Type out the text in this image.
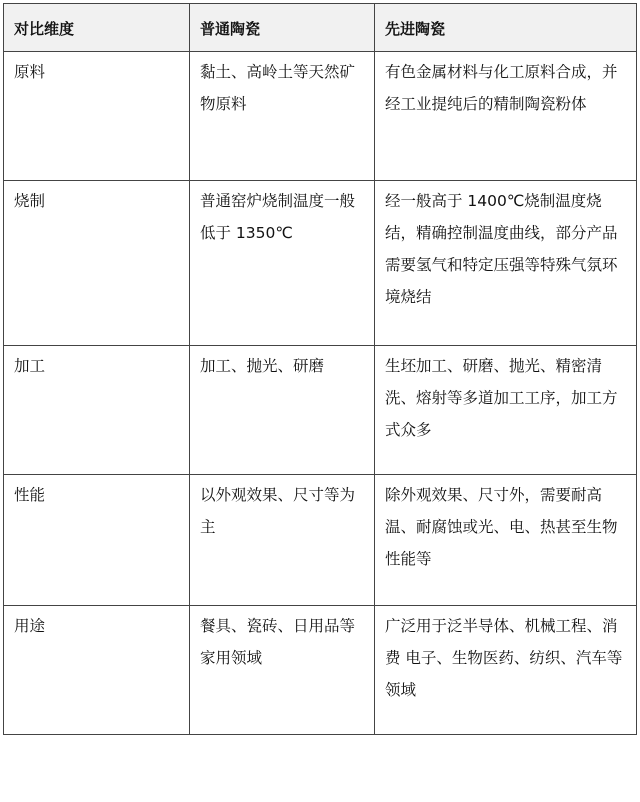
对比维度	普通陶瓷	先进陶瓷
原料	黏土、高岭土等天然矿物原料	有色金属材料与化工原料合成，并经工业提纯后的精制陶瓷粉体
烧制	普通窑炉烧制温度一般低于 1350℃	经一般高于 1400℃烧制温度烧结，精确控制温度曲线，部分产品需要氢气和特定压强等特殊气氛环境烧结
加工	加工、抛光、研磨	生坯加工、研磨、抛光、精密清洗、熔射等多道加工工序，加工方式众多
性能	以外观效果、尺寸等为主	除外观效果、尺寸外，需要耐高温、耐腐蚀或光、电、热甚至生物性能等
用途	餐具、瓷砖、日用品等家用领域	广泛用于泛半导体、机械工程、消费 电子、生物医药、纺织、汽车等领域
